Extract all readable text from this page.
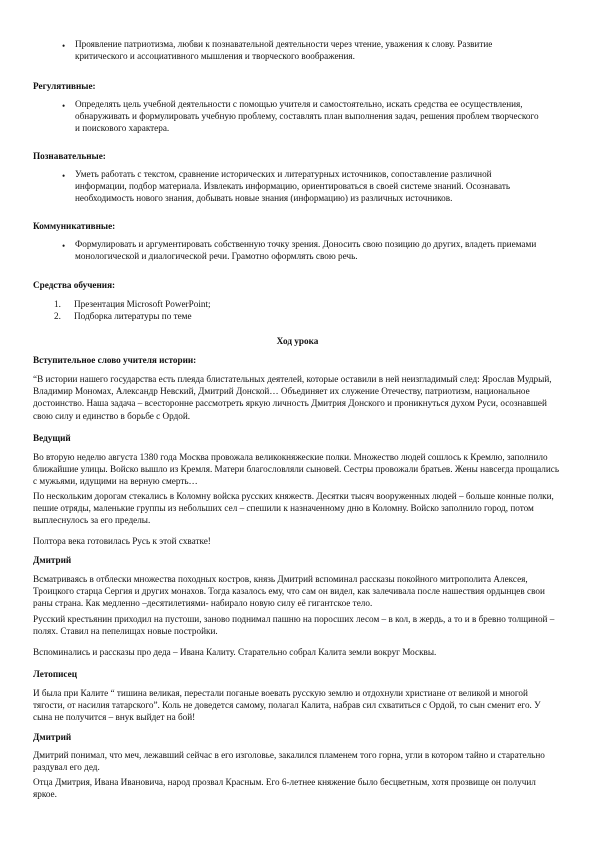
• Проявление патриотизма, любви к познавательной деятельности через чтение, уважения к слову. Развитие критического и ассоциативного мышления и творческого воображения.
Регулятивные:
• Определять цель учебной деятельности с помощью учителя и самостоятельно, искать средства ее осуществления, обнаруживать и формулировать учебную проблему, составлять план выполнения задач, решения проблем творческого и поискового характера.
Познавательные:
• Уметь работать с текстом, сравнение исторических и литературных источников, сопоставление различной информации, подбор материала. Извлекать информацию, ориентироваться в своей системе знаний. Осознавать необходимость нового знания, добывать новые знания (информацию) из различных источников.
Коммуникативные:
• Формулировать и аргументировать собственную точку зрения. Доносить свою позицию до других, владеть приемами монологической и диалогической речи. Грамотно оформлять свою речь.
Средства обучения:
1. Презентация Microsoft PowerPoint;
2. Подборка литературы по теме
Ход урока
Вступительное слово учителя истории:
“В истории нашего государства есть плеяда блистательных деятелей, которые оставили в ней неизгладимый след: Ярослав Мудрый, Владимир Мономах, Александр Невский, Дмитрий Донской… Объединяет их служение Отечеству, патриотизм, национальное достоинство. Наша задача – всесторонне рассмотреть яркую личность Дмитрия Донского и проникнуться духом Руси, осознавшей свою силу и единство в борьбе с Ордой.
Ведущий
Во вторую неделю августа 1380 года Москва провожала великокняжеские полки. Множество людей сошлось к Кремлю, заполнило ближайшие улицы. Войско вышло из Кремля. Матери благословляли сыновей. Сестры провожали братьев. Жены навсегда прощались с мужьями, идущими на верную смерть…
По нескольким дорогам стекались в Коломну войска русских княжеств. Десятки тысяч вооруженных людей – больше конные полки, пешие отряды, маленькие группы из небольших сел – спешили к назначенному дню в Коломну. Войско заполнило город, потом выплеснулось за его пределы.
Полтора века готовилась Русь к этой схватке!
Дмитрий
Всматриваясь в отблески множества походных костров, князь Дмитрий вспоминал рассказы покойного митрополита Алексея, Троицкого старца Сергия и других монахов. Тогда казалось ему, что сам он видел, как залечивала после нашествия ордынцев свои раны страна. Как медленно –десятилетиями- набирало новую силу её гигантское тело.
Русский крестьянин приходил на пустоши, заново поднимал пашню на поросших лесом – в кол, в жердь, а то и в бревно толщиной – полях. Ставил на пепелищах новые постройки.
Вспоминались и рассказы про деда – Ивана Калиту. Старательно собрал Калита земли вокруг Москвы.
Летописец
И была при Калите “ тишина великая, перестали поганые воевать русскую землю и отдохнули христиане от великой и многой тягости, от насилия татарского”. Коль не доведется самому, полагал Калита, набрав сил схватиться с Ордой, то сын сменит его. У сына не получится – внук выйдет на бой!
Дмитрий
Дмитрий понимал, что меч, лежавший сейчас в его изголовье, закалился пламенем того горна, угли в котором тайно и старательно раздувал его дед.
Отца Дмитрия, Ивана Ивановича, народ прозвал Красным. Его 6-летнее княжение было бесцветным, хотя прозвище он получил яркое.
